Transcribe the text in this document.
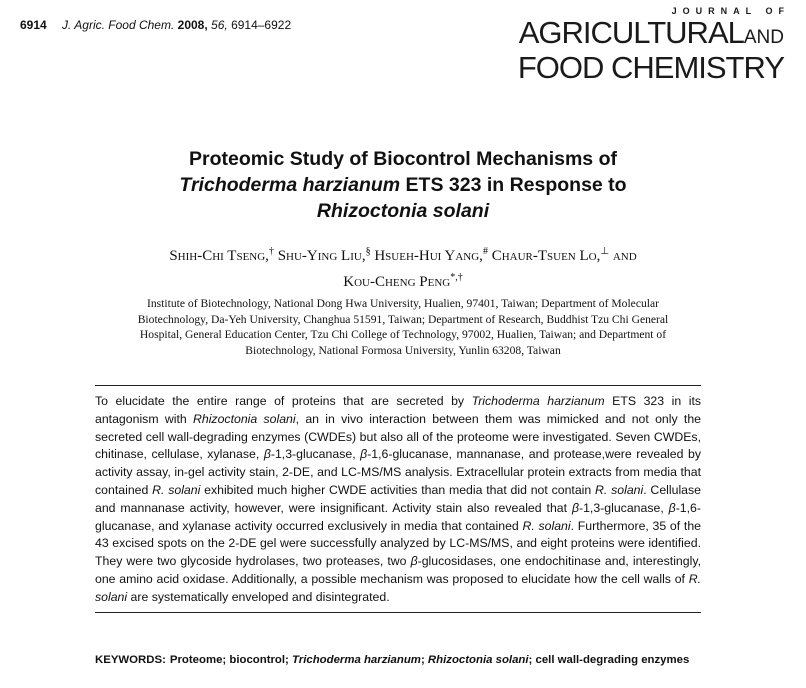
6914 J. Agric. Food Chem. 2008, 56, 6914–6922
JOURNAL OF
AGRICULTURALAND
FOOD CHEMISTRY
Proteomic Study of Biocontrol Mechanisms of
Trichoderma harzianum ETS 323 in Response to
Rhizoctonia solani
Shih-Chi Tseng,† Shu-Ying Liu,§ Hsueh-Hui Yang,# Chaur-Tsuen Lo,⊥ and
Kou-Cheng Peng*,†
Institute of Biotechnology, National Dong Hwa University, Hualien, 97401, Taiwan; Department of Molecular Biotechnology, Da-Yeh University, Changhua 51591, Taiwan; Department of Research, Buddhist Tzu Chi General Hospital, General Education Center, Tzu Chi College of Technology, 97002, Hualien, Taiwan; and Department of Biotechnology, National Formosa University, Yunlin 63208, Taiwan

To elucidate the entire range of proteins that are secreted by Trichoderma harzianum ETS 323 in its antagonism with Rhizoctonia solani, an in vivo interaction between them was mimicked and not only the secreted cell wall-degrading enzymes (CWDEs) but also all of the proteome were investigated. Seven CWDEs, chitinase, cellulase, xylanase, β-1,3-glucanase, β-1,6-glucanase, mannanase, and protease,were revealed by activity assay, in-gel activity stain, 2-DE, and LC-MS/MS analysis. Extracellular protein extracts from media that contained R. solani exhibited much higher CWDE activities than media that did not contain R. solani. Cellulase and mannanase activity, however, were insignificant. Activity stain also revealed that β-1,3-glucanase, β-1,6-glucanase, and xylanase activity occurred exclusively in media that contained R. solani. Furthermore, 35 of the 43 excised spots on the 2-DE gel were successfully analyzed by LC-MS/MS, and eight proteins were identified. They were two glycoside hydrolases, two proteases, two β-glucosidases, one endochitinase and, interestingly, one amino acid oxidase. Additionally, a possible mechanism was proposed to elucidate how the cell walls of R. solani are systematically enveloped and disintegrated.

KEYWORDS: Proteome; biocontrol; Trichoderma harzianum; Rhizoctonia solani; cell wall-degrading enzymes
